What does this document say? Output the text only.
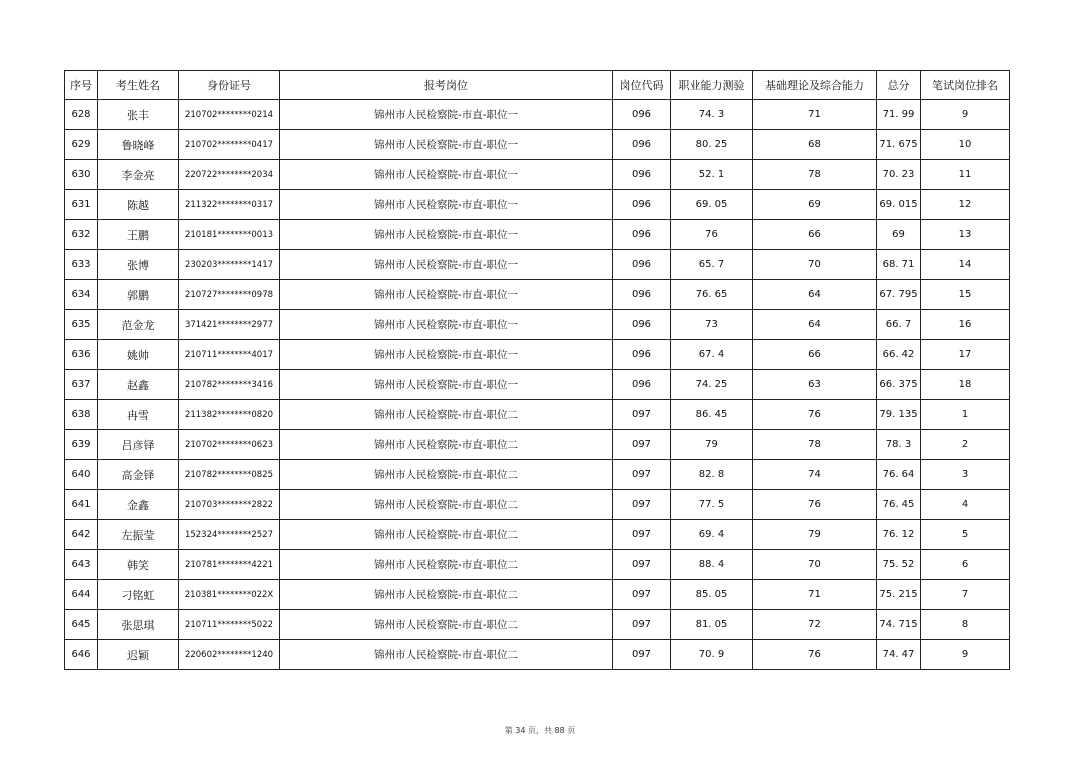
序号	考生姓名	身份证号	报考岗位	岗位代码	职业能力测验	基础理论及综合能力	总分	笔试岗位排名
628	张丰	210702********0214	锦州市人民检察院-市直-职位一	096	74. 3	71	71. 99	9
629	鲁晓峰	210702********0417	锦州市人民检察院-市直-职位一	096	80. 25	68	71. 675	10
630	李金亮	220722********2034	锦州市人民检察院-市直-职位一	096	52. 1	78	70. 23	11
631	陈越	211322********0317	锦州市人民检察院-市直-职位一	096	69. 05	69	69. 015	12
632	王鹏	210181********0013	锦州市人民检察院-市直-职位一	096	76	66	69	13
633	张博	230203********1417	锦州市人民检察院-市直-职位一	096	65. 7	70	68. 71	14
634	郭鹏	210727********0978	锦州市人民检察院-市直-职位一	096	76. 65	64	67. 795	15
635	范金龙	371421********2977	锦州市人民检察院-市直-职位一	096	73	64	66. 7	16
636	姚帅	210711********4017	锦州市人民检察院-市直-职位一	096	67. 4	66	66. 42	17
637	赵鑫	210782********3416	锦州市人民检察院-市直-职位一	096	74. 25	63	66. 375	18
638	冉雪	211382********0820	锦州市人民检察院-市直-职位二	097	86. 45	76	79. 135	1
639	吕彦铎	210702********0623	锦州市人民检察院-市直-职位二	097	79	78	78. 3	2
640	高金铎	210782********0825	锦州市人民检察院-市直-职位二	097	82. 8	74	76. 64	3
641	金鑫	210703********2822	锦州市人民检察院-市直-职位二	097	77. 5	76	76. 45	4
642	左振莹	152324********2527	锦州市人民检察院-市直-职位二	097	69. 4	79	76. 12	5
643	韩笑	210781********4221	锦州市人民检察院-市直-职位二	097	88. 4	70	75. 52	6
644	刁铭虹	210381********022X	锦州市人民检察院-市直-职位二	097	85. 05	71	75. 215	7
645	张思琪	210711********5022	锦州市人民检察院-市直-职位二	097	81. 05	72	74. 715	8
646	迟颖	220602********1240	锦州市人民检察院-市直-职位二	097	70. 9	76	74. 47	9
第 34 页，共 88 页
